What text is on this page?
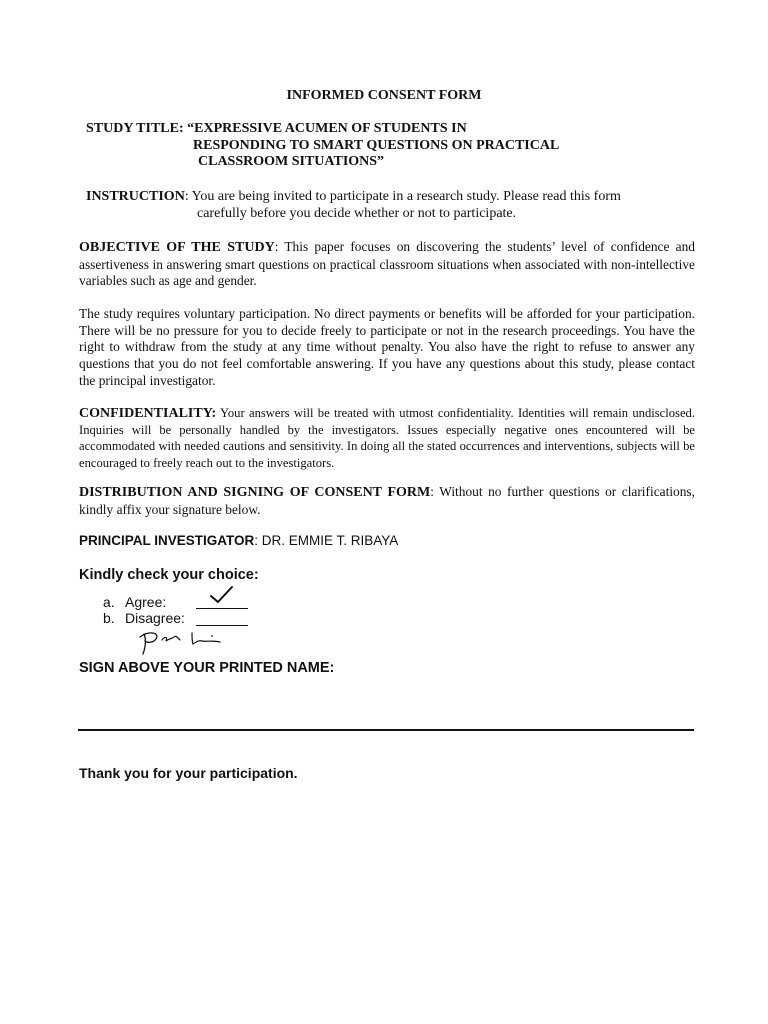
INFORMED CONSENT FORM
STUDY TITLE: “EXPRESSIVE ACUMEN OF STUDENTS IN
RESPONDING TO SMART QUESTIONS ON PRACTICAL
CLASSROOM SITUATIONS”
INSTRUCTION: You are being invited to participate in a research study. Please read this form
carefully before you decide whether or not to participate.

OBJECTIVE OF THE STUDY: This paper focuses on discovering the students’ level of confidence and assertiveness in answering smart questions on practical classroom situations when associated with non-intellective variables such as age and gender.

The study requires voluntary participation. No direct payments or benefits will be afforded for your participation. There will be no pressure for you to decide freely to participate or not in the research proceedings. You have the right to withdraw from the study at any time without penalty. You also have the right to refuse to answer any questions that you do not feel comfortable answering. If you have any questions about this study, please contact the principal investigator.

CONFIDENTIALITY: Your answers will be treated with utmost confidentiality. Identities will remain undisclosed. Inquiries will be personally handled by the investigators. Issues especially negative ones encountered will be accommodated with needed cautions and sensitivity. In doing all the stated occurrences and interventions, subjects will be encouraged to freely reach out to the investigators.

DISTRIBUTION AND SIGNING OF CONSENT FORM: Without no further questions or clarifications, kindly affix your signature below.

PRINCIPAL INVESTIGATOR: DR. EMMIE T. RIBAYA
Kindly check your choice:
a. Agree:
b. Disagree:
SIGN ABOVE YOUR PRINTED NAME:
Thank you for your participation.
